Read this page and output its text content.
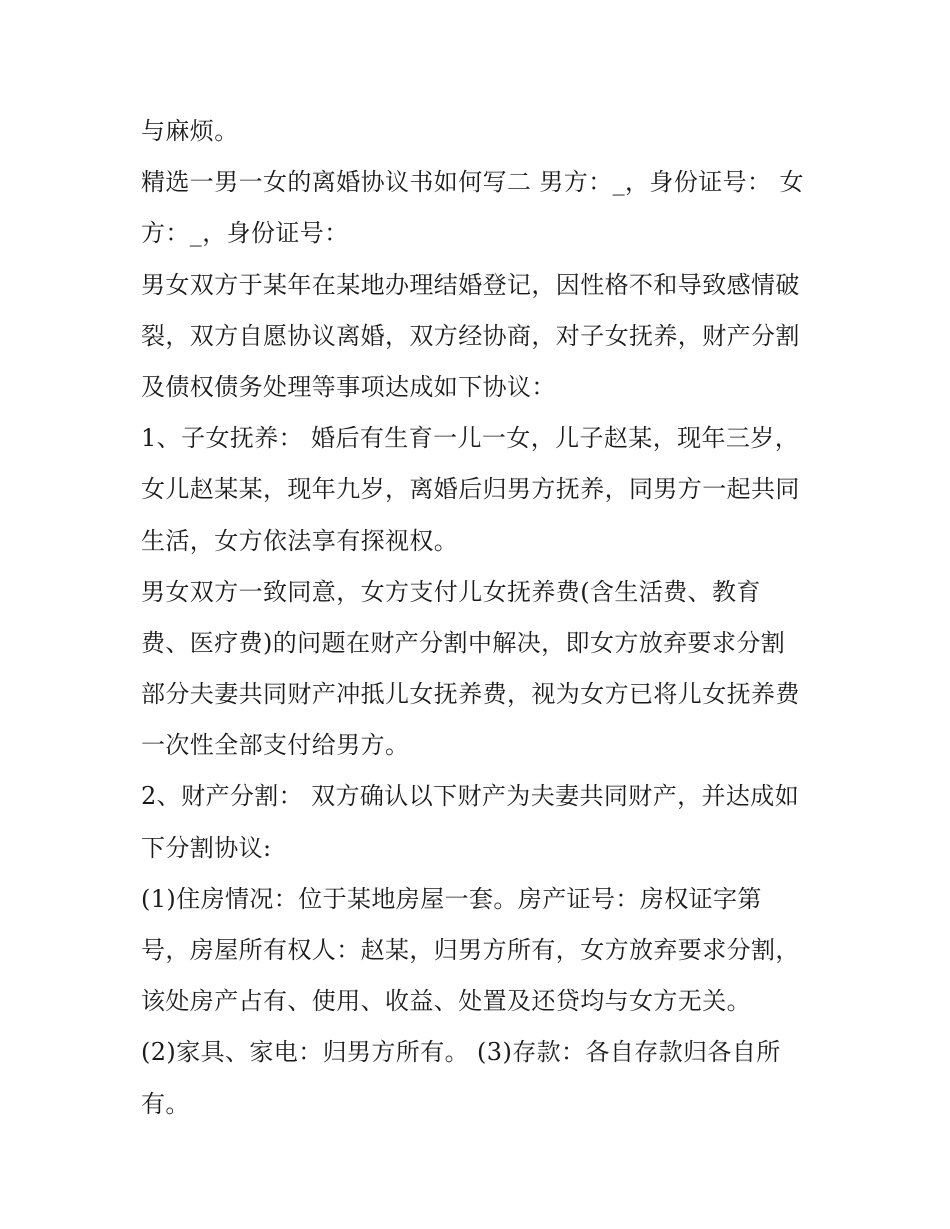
与麻烦。
精选一男一女的离婚协议书如何写二 男方：_，身份证号： 女
方：_，身份证号：
男女双方于某年在某地办理结婚登记，因性格不和导致感情破
裂，双方自愿协议离婚，双方经协商，对子女抚养，财产分割
及债权债务处理等事项达成如下协议：
1、子女抚养： 婚后有生育一儿一女，儿子赵某，现年三岁，
女儿赵某某，现年九岁，离婚后归男方抚养，同男方一起共同
生活，女方依法享有探视权。
男女双方一致同意，女方支付儿女抚养费(含生活费、教育
费、医疗费)的问题在财产分割中解决，即女方放弃要求分割
部分夫妻共同财产冲抵儿女抚养费，视为女方已将儿女抚养费
一次性全部支付给男方。
2、财产分割： 双方确认以下财产为夫妻共同财产，并达成如
下分割协议:
(1)住房情况：位于某地房屋一套。房产证号：房权证字第
号，房屋所有权人：赵某，归男方所有，女方放弃要求分割，
该处房产占有、使用、收益、处置及还贷均与女方无关。
(2)家具、家电：归男方所有。 (3)存款：各自存款归各自所
有。
